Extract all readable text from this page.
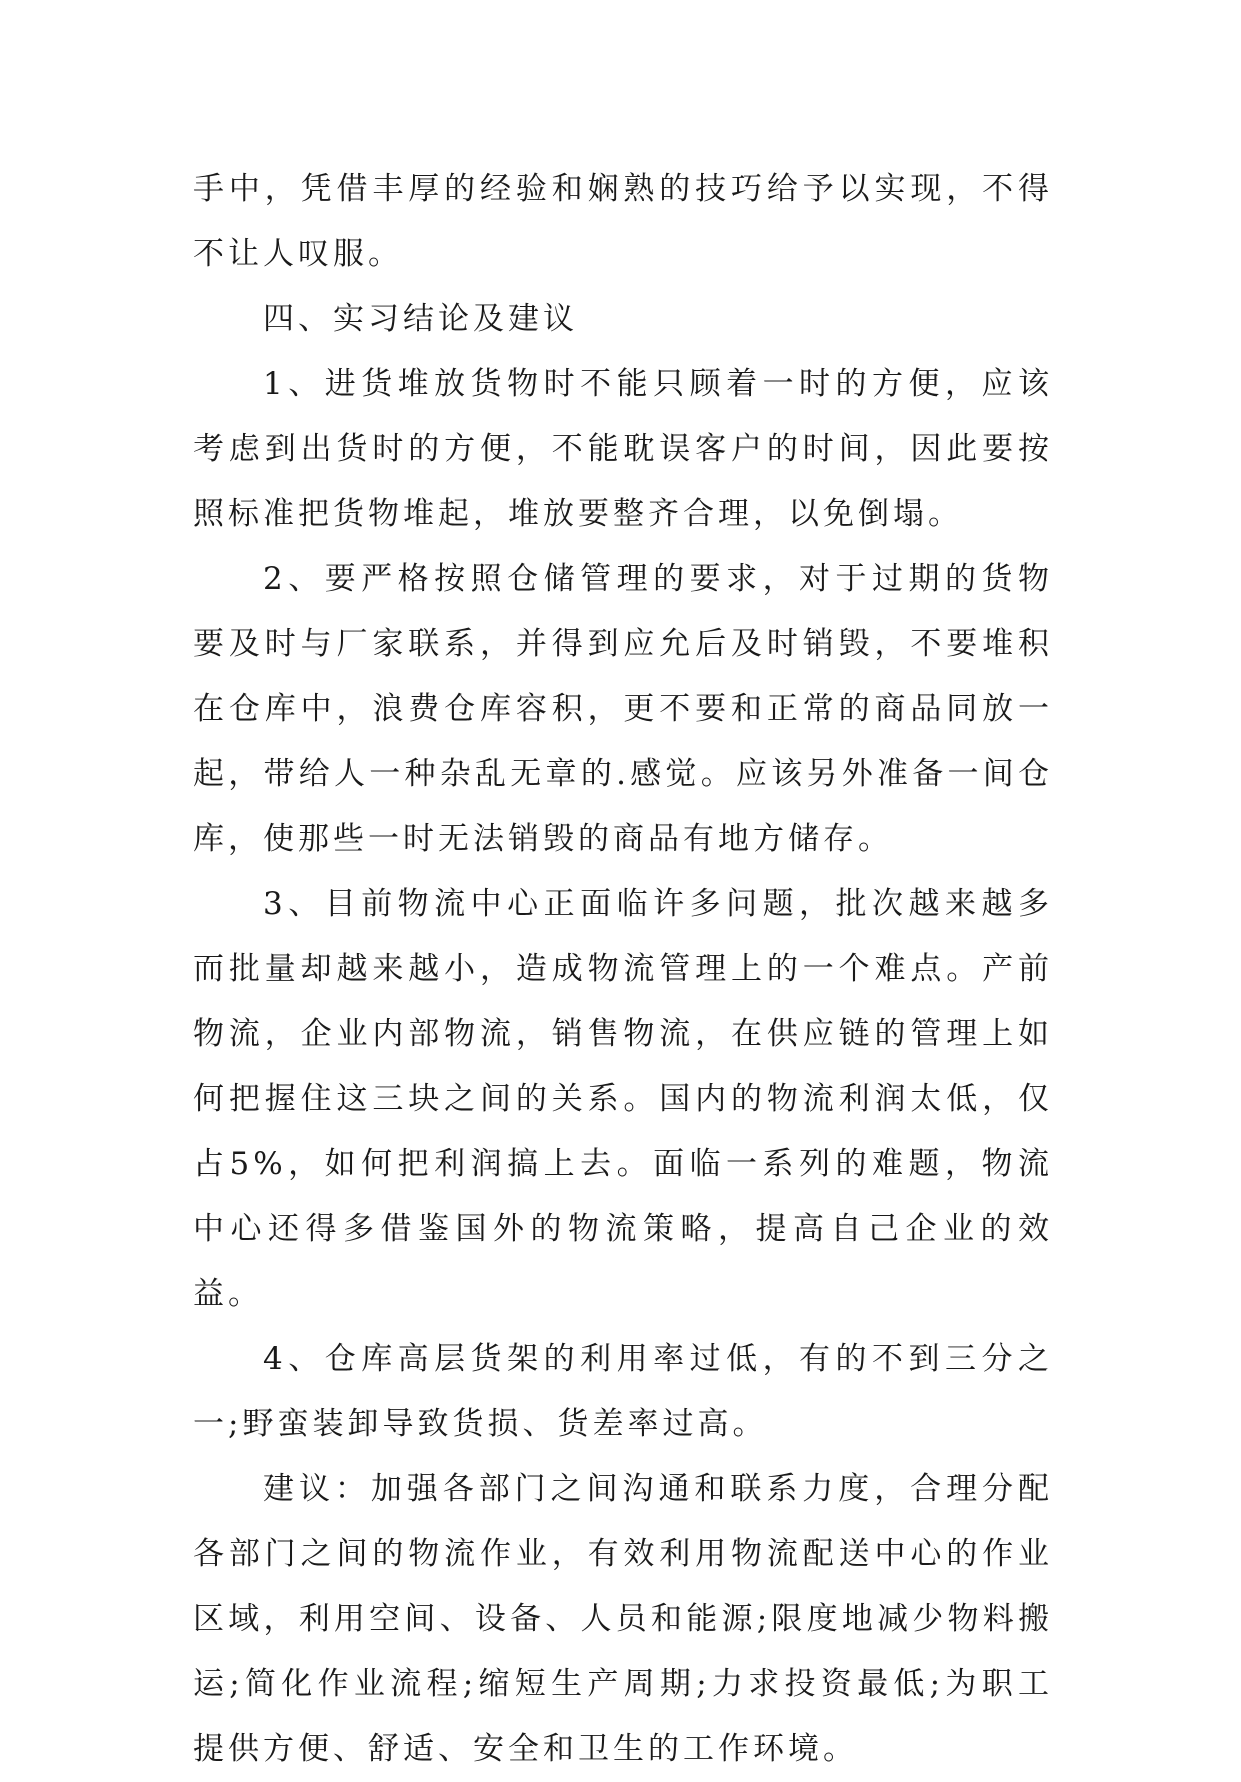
手中，凭借丰厚的经验和娴熟的技巧给予以实现，不得不让人叹服。

四、实习结论及建议

1、进货堆放货物时不能只顾着一时的方便，应该考虑到出货时的方便，不能耽误客户的时间，因此要按照标准把货物堆起，堆放要整齐合理，以免倒塌。

2、要严格按照仓储管理的要求，对于过期的货物要及时与厂家联系，并得到应允后及时销毁，不要堆积在仓库中，浪费仓库容积，更不要和正常的商品同放一起，带给人一种杂乱无章的.感觉。应该另外准备一间仓库，使那些一时无法销毁的商品有地方储存。

3、目前物流中心正面临许多问题，批次越来越多而批量却越来越小，造成物流管理上的一个难点。产前物流，企业内部物流，销售物流，在供应链的管理上如何把握住这三块之间的关系。国内的物流利润太低，仅占5%，如何把利润搞上去。面临一系列的难题，物流中心还得多借鉴国外的物流策略，提高自己企业的效益。

4、仓库高层货架的利用率过低，有的不到三分之一;野蛮装卸导致货损、货差率过高。

建议：加强各部门之间沟通和联系力度，合理分配各部门之间的物流作业，有效利用物流配送中心的作业区域，利用空间、设备、人员和能源;限度地减少物料搬运;简化作业流程;缩短生产周期;力求投资最低;为职工提供方便、舒适、安全和卫生的工作环境。
